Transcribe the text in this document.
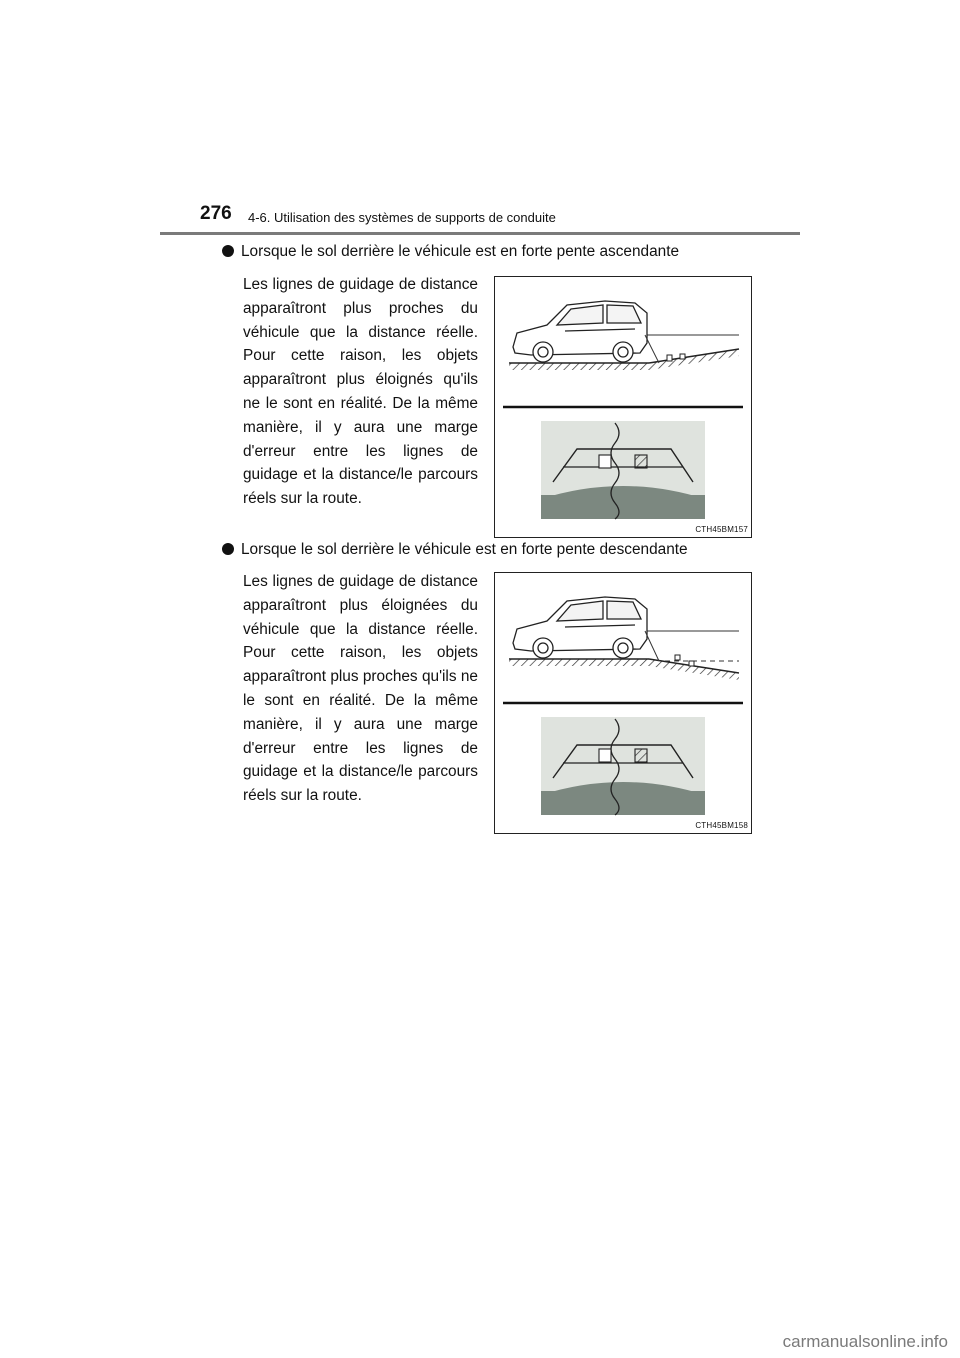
276 4-6. Utilisation des systèmes de supports de conduite
Lorsque le sol derrière le véhicule est en forte pente ascendante
Les lignes de guidage de distance apparaîtront plus proches du véhicule que la distance réelle. Pour cette raison, les objets apparaîtront plus éloignés qu'ils ne le sont en réalité. De la même manière, il y aura une marge d'erreur entre les lignes de guidage et la distance/le parcours réels sur la route.
CTH45BM157
Lorsque le sol derrière le véhicule est en forte pente descendante
Les lignes de guidage de distance apparaîtront plus éloignées du véhicule que la distance réelle. Pour cette raison, les objets apparaîtront plus proches qu'ils ne le sont en réalité. De la même manière, il y aura une marge d'erreur entre les lignes de guidage et la distance/le parcours réels sur la route.
CTH45BM158
carmanualsonline.info
